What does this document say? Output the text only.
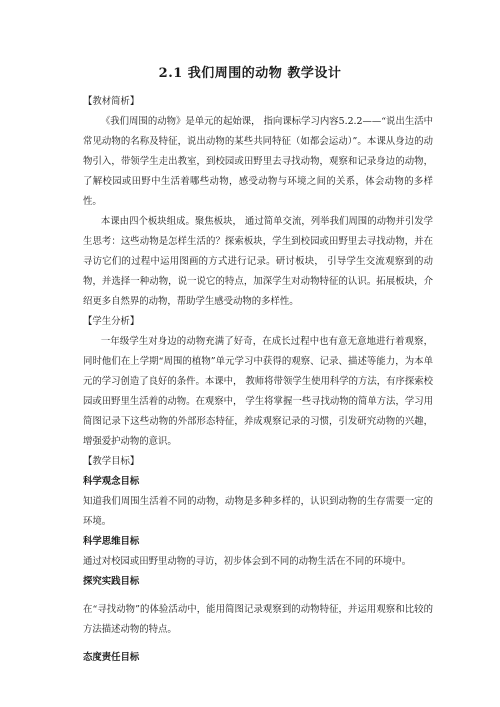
2.1 我们周围的动物 教学设计

【教材简析】

《我们周围的动物》是单元的起始课， 指向课标学习内容5.2.2——“说出生活中常见动物的名称及特征，说出动物的某些共同特征（如都会运动）”。本课从身边的动物引入，带领学生走出教室，到校园或田野里去寻找动物，观察和记录身边的动物，了解校园或田野中生活着哪些动物，感受动物与环境之间的关系，体会动物的多样性。

本课由四个板块组成。聚焦板块， 通过简单交流，列举我们周围的动物并引发学生思考：这些动物是怎样生活的？探索板块，学生到校园或田野里去寻找动物，并在寻访它们的过程中运用图画的方式进行记录。研讨板块， 引导学生交流观察到的动物，并选择一种动物，说一说它的特点，加深学生对动物特征的认识。拓展板块，介绍更多自然界的动物，帮助学生感受动物的多样性。

【学生分析】

一年级学生对身边的动物充满了好奇，在成长过程中也有意无意地进行着观察，同时他们在上学期“周围的植物”单元学习中获得的观察、记录、描述等能力，为本单元的学习创造了良好的条件。本课中， 教师将带领学生使用科学的方法，有序探索校园或田野里生活着的动物。在观察中， 学生将掌握一些寻找动物的简单方法，学习用简图记录下这些动物的外部形态特征，养成观察记录的习惯，引发研究动物的兴趣，增强爱护动物的意识。

【教学目标】

科学观念目标

知道我们周围生活着不同的动物，动物是多种多样的，认识到动物的生存需要一定的环境。

科学思维目标

通过对校园或田野里动物的寻访，初步体会到不同的动物生活在不同的环境中。

探究实践目标

在“寻找动物”的体验活动中，能用简图记录观察到的动物特征，并运用观察和比较的方法描述动物的特点。

态度责任目标
